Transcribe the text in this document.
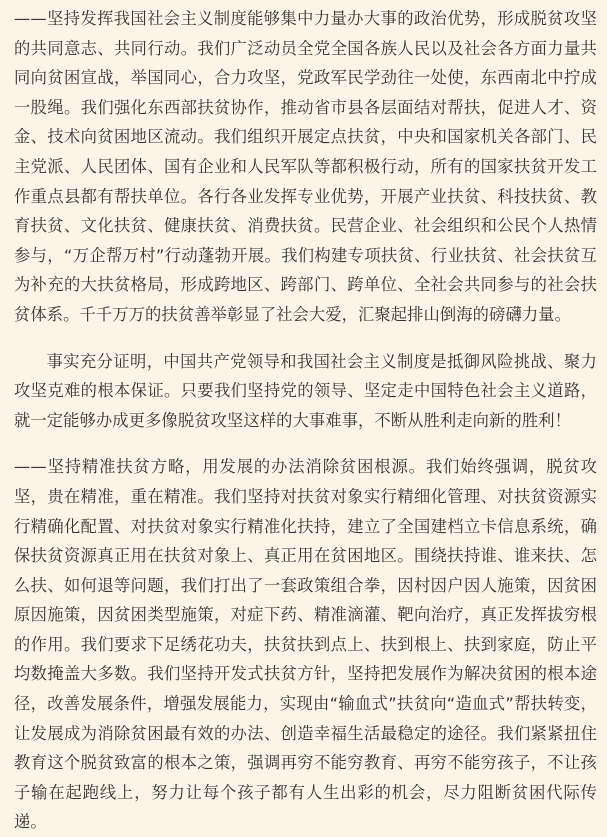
——坚持发挥我国社会主义制度能够集中力量办大事的政治优势，形成脱贫攻坚的共同意志、共同行动。我们广泛动员全党全国各族人民以及社会各方面力量共同向贫困宣战，举国同心，合力攻坚，党政军民学劲往一处使，东西南北中拧成一股绳。我们强化东西部扶贫协作，推动省市县各层面结对帮扶，促进人才、资金、技术向贫困地区流动。我们组织开展定点扶贫，中央和国家机关各部门、民主党派、人民团体、国有企业和人民军队等都积极行动，所有的国家扶贫开发工作重点县都有帮扶单位。各行各业发挥专业优势，开展产业扶贫、科技扶贫、教育扶贫、文化扶贫、健康扶贫、消费扶贫。民营企业、社会组织和公民个人热情参与，“万企帮万村”行动蓬勃开展。我们构建专项扶贫、行业扶贫、社会扶贫互为补充的大扶贫格局，形成跨地区、跨部门、跨单位、全社会共同参与的社会扶贫体系。千千万万的扶贫善举彰显了社会大爱，汇聚起排山倒海的磅礴力量。

事实充分证明，中国共产党领导和我国社会主义制度是抵御风险挑战、聚力攻坚克难的根本保证。只要我们坚持党的领导、坚定走中国特色社会主义道路，就一定能够办成更多像脱贫攻坚这样的大事难事，不断从胜利走向新的胜利！

——坚持精准扶贫方略，用发展的办法消除贫困根源。我们始终强调，脱贫攻坚，贵在精准，重在精准。我们坚持对扶贫对象实行精细化管理、对扶贫资源实行精确化配置、对扶贫对象实行精准化扶持，建立了全国建档立卡信息系统，确保扶贫资源真正用在扶贫对象上、真正用在贫困地区。围绕扶持谁、谁来扶、怎么扶、如何退等问题，我们打出了一套政策组合拳，因村因户因人施策，因贫困原因施策，因贫困类型施策，对症下药、精准滴灌、靶向治疗，真正发挥拔穷根的作用。我们要求下足绣花功夫，扶贫扶到点上、扶到根上、扶到家庭，防止平均数掩盖大多数。我们坚持开发式扶贫方针，坚持把发展作为解决贫困的根本途径，改善发展条件，增强发展能力，实现由“输血式”扶贫向“造血式”帮扶转变，让发展成为消除贫困最有效的办法、创造幸福生活最稳定的途径。我们紧紧扭住教育这个脱贫致富的根本之策，强调再穷不能穷教育、再穷不能穷孩子，不让孩子输在起跑线上，努力让每个孩子都有人生出彩的机会，尽力阻断贫困代际传递。
